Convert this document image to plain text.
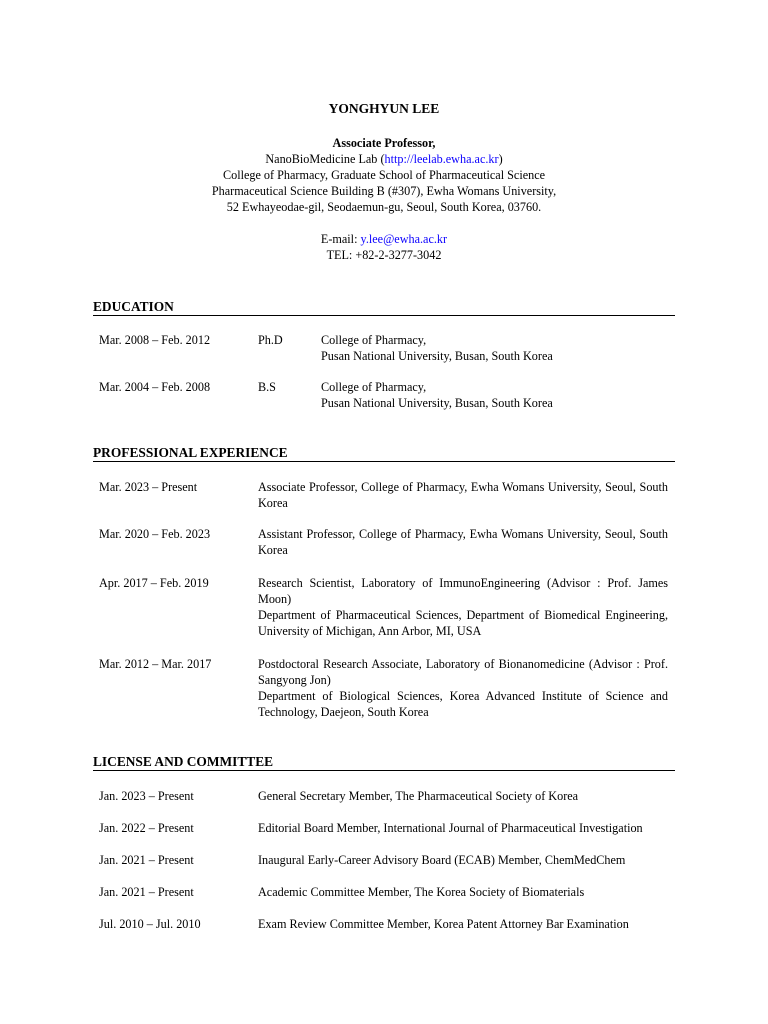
YONGHYUN LEE
Associate Professor,
NanoBioMedicine Lab (http://leelab.ewha.ac.kr)
College of Pharmacy, Graduate School of Pharmaceutical Science
Pharmaceutical Science Building B (#307), Ewha Womans University,
52 Ewhayeodae-gil, Seodaemun-gu, Seoul, South Korea, 03760.
E-mail: y.lee@ewha.ac.kr
TEL: +82-2-3277-3042
EDUCATION
Mar. 2008 – Feb. 2012	Ph.D	College of Pharmacy,
Pusan National University, Busan, South Korea
Mar. 2004 – Feb. 2008	B.S	College of Pharmacy,
Pusan National University, Busan, South Korea
PROFESSIONAL EXPERIENCE
Mar. 2023 – Present	Associate Professor, College of Pharmacy, Ewha Womans University, Seoul, South Korea

Mar. 2020 – Feb. 2023	Assistant Professor, College of Pharmacy, Ewha Womans University, Seoul, South Korea

Apr. 2017 – Feb. 2019	Research Scientist, Laboratory of ImmunoEngineering (Advisor : Prof. James Moon)

Department of Pharmaceutical Sciences, Department of Biomedical Engineering, University of Michigan, Ann Arbor, MI, USA

Mar. 2012 – Mar. 2017	Postdoctoral Research Associate, Laboratory of Bionanomedicine (Advisor : Prof. Sangyong Jon)

Department of Biological Sciences, Korea Advanced Institute of Science and Technology, Daejeon, South Korea

LICENSE AND COMMITTEE
Jan. 2023 – Present	General Secretary Member, The Pharmaceutical Society of Korea
Jan. 2022 – Present	Editorial Board Member, International Journal of Pharmaceutical Investigation
Jan. 2021 – Present	Inaugural Early-Career Advisory Board (ECAB) Member, ChemMedChem
Jan. 2021 – Present	Academic Committee Member, The Korea Society of Biomaterials
Jul. 2010 – Jul. 2010	Exam Review Committee Member, Korea Patent Attorney Bar Examination
